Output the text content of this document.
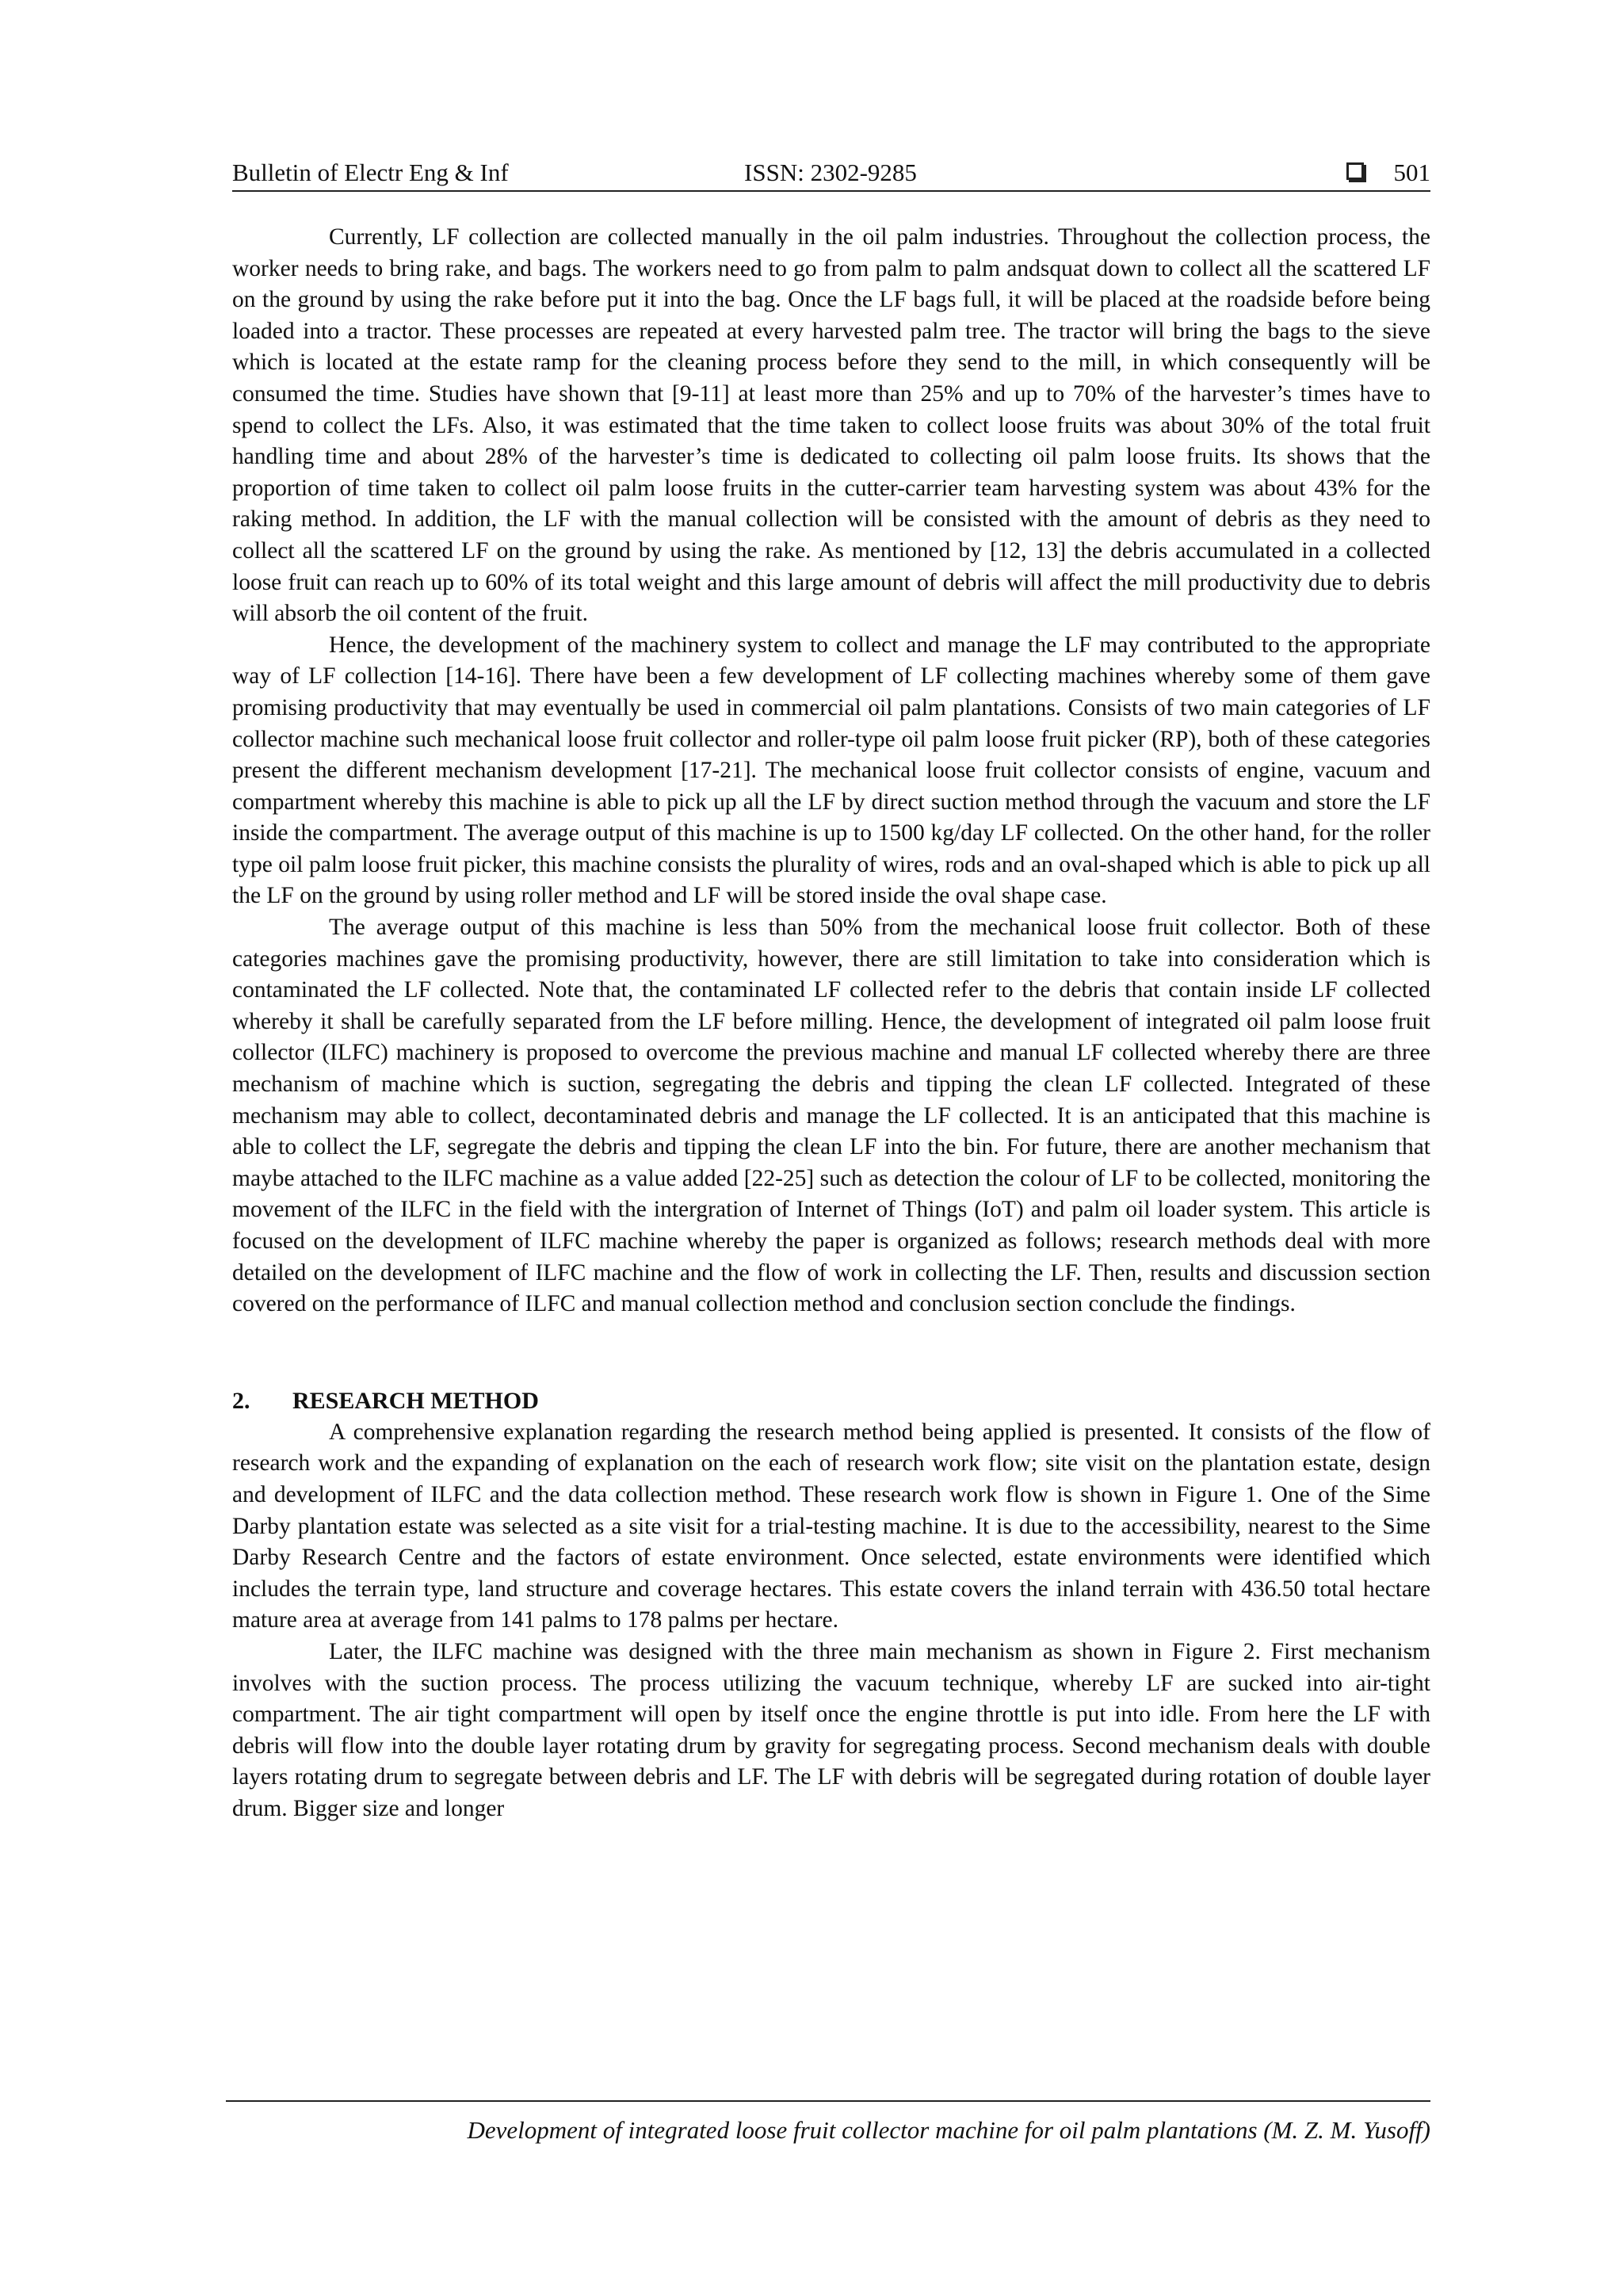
Bulletin of Electr Eng & Inf	ISSN: 2302-9285	501

Currently, LF collection are collected manually in the oil palm industries. Throughout the collection process, the worker needs to bring rake, and bags. The workers need to go from palm to palm andsquat down to collect all the scattered LF on the ground by using the rake before put it into the bag. Once the LF bags full, it will be placed at the roadside before being loaded into a tractor. These processes are repeated at every harvested palm tree. The tractor will bring the bags to the sieve which is located at the estate ramp for the cleaning process before they send to the mill, in which consequently will be consumed the time. Studies have shown that [9-11] at least more than 25% and up to 70% of the harvester’s times have to spend to collect the LFs. Also, it was estimated that the time taken to collect loose fruits was about 30% of the total fruit handling time and about 28% of the harvester’s time is dedicated to collecting oil palm loose fruits. Its shows that the proportion of time taken to collect oil palm loose fruits in the cutter-carrier team harvesting system was about 43% for the raking method. In addition, the LF with the manual collection will be consisted with the amount of debris as they need to collect all the scattered LF on the ground by using the rake. As mentioned by [12, 13] the debris accumulated in a collected loose fruit can reach up to 60% of its total weight and this large amount of debris will affect the mill productivity due to debris will absorb the oil content of the fruit.

Hence, the development of the machinery system to collect and manage the LF may contributed to the appropriate way of LF collection [14-16]. There have been a few development of LF collecting machines whereby some of them gave promising productivity that may eventually be used in commercial oil palm plantations. Consists of two main categories of LF collector machine such mechanical loose fruit collector and roller-type oil palm loose fruit picker (RP), both of these categories present the different mechanism development [17-21]. The mechanical loose fruit collector consists of engine, vacuum and compartment whereby this machine is able to pick up all the LF by direct suction method through the vacuum and store the LF inside the compartment. The average output of this machine is up to 1500 kg/day LF collected. On the other hand, for the roller type oil palm loose fruit picker, this machine consists the plurality of wires, rods and an oval-shaped which is able to pick up all the LF on the ground by using roller method and LF will be stored inside the oval shape case.

The average output of this machine is less than 50% from the mechanical loose fruit collector. Both of these categories machines gave the promising productivity, however, there are still limitation to take into consideration which is contaminated the LF collected. Note that, the contaminated LF collected refer to the debris that contain inside LF collected whereby it shall be carefully separated from the LF before milling. Hence, the development of integrated oil palm loose fruit collector (ILFC) machinery is proposed to overcome the previous machine and manual LF collected whereby there are three mechanism of machine which is suction, segregating the debris and tipping the clean LF collected. Integrated of these mechanism may able to collect, decontaminated debris and manage the LF collected. It is an anticipated that this machine is able to collect the LF, segregate the debris and tipping the clean LF into the bin. For future, there are another mechanism that maybe attached to the ILFC machine as a value added [22-25] such as detection the colour of LF to be collected, monitoring the movement of the ILFC in the field with the intergration of Internet of Things (IoT) and palm oil loader system. This article is focused on the development of ILFC machine whereby the paper is organized as follows; research methods deal with more detailed on the development of ILFC machine and the flow of work in collecting the LF. Then, results and discussion section covered on the performance of ILFC and manual collection method and conclusion section conclude the findings.

2. RESEARCH METHOD

A comprehensive explanation regarding the research method being applied is presented. It consists of the flow of research work and the expanding of explanation on the each of research work flow; site visit on the plantation estate, design and development of ILFC and the data collection method. These research work flow is shown in Figure 1. One of the Sime Darby plantation estate was selected as a site visit for a trial-testing machine. It is due to the accessibility, nearest to the Sime Darby Research Centre and the factors of estate environment. Once selected, estate environments were identified which includes the terrain type, land structure and coverage hectares. This estate covers the inland terrain with 436.50 total hectare mature area at average from 141 palms to 178 palms per hectare.

Later, the ILFC machine was designed with the three main mechanism as shown in Figure 2. First mechanism involves with the suction process. The process utilizing the vacuum technique, whereby LF are sucked into air-tight compartment. The air tight compartment will open by itself once the engine throttle is put into idle. From here the LF with debris will flow into the double layer rotating drum by gravity for segregating process. Second mechanism deals with double layers rotating drum to segregate between debris and LF. The LF with debris will be segregated during rotation of double layer drum. Bigger size and longer

Development of integrated loose fruit collector machine for oil palm plantations (M. Z. M. Yusoff)
